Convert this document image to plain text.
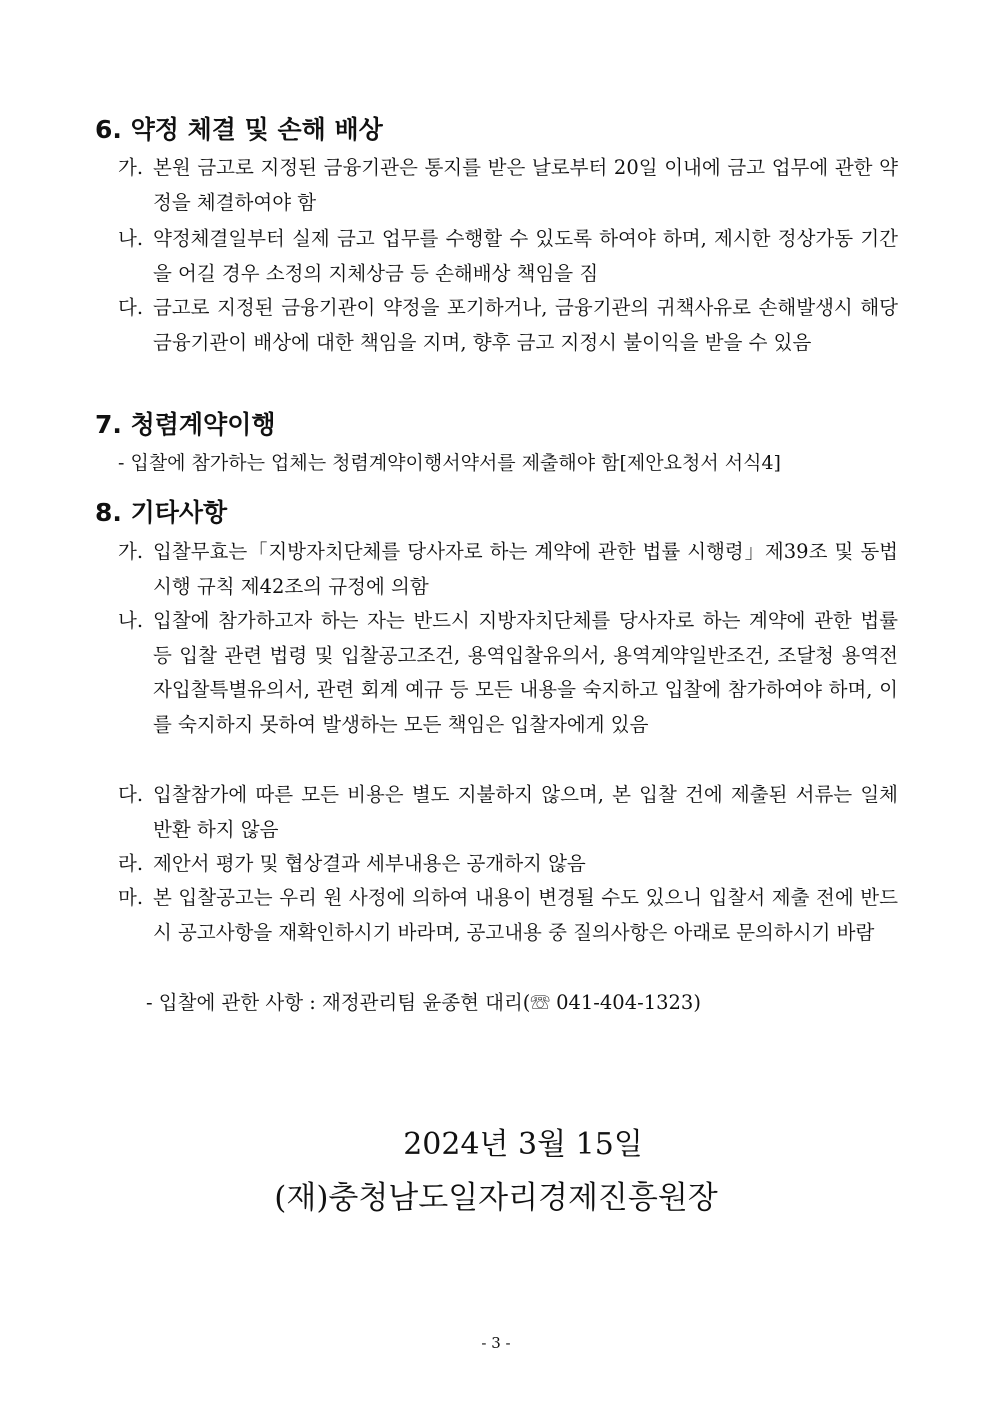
6. 약정 체결 및 손해 배상
가. 본원 금고로 지정된 금융기관은 통지를 받은 날로부터 20일 이내에 금고 업무에 관한 약정을 체결하여야 함
나. 약정체결일부터 실제 금고 업무를 수행할 수 있도록 하여야 하며, 제시한 정상가동 기간을 어길 경우 소정의 지체상금 등 손해배상 책임을 짐
다. 금고로 지정된 금융기관이 약정을 포기하거나, 금융기관의 귀책사유로 손해발생시 해당 금융기관이 배상에 대한 책임을 지며, 향후 금고 지정시 불이익을 받을 수 있음
7. 청렴계약이행
- 입찰에 참가하는 업체는 청렴계약이행서약서를 제출해야 함[제안요청서 서식4]
8. 기타사항
가. 입찰무효는「지방자치단체를 당사자로 하는 계약에 관한 법률 시행령」제39조 및 동법 시행 규칙 제42조의 규정에 의함
나. 입찰에 참가하고자 하는 자는 반드시 지방자치단체를 당사자로 하는 계약에 관한 법률 등 입찰 관련 법령 및 입찰공고조건, 용역입찰유의서, 용역계약일반조건, 조달청 용역전자입찰특별유의서, 관련 회계 예규 등 모든 내용을 숙지하고 입찰에 참가하여야 하며, 이를 숙지하지 못하여 발생하는 모든 책임은 입찰자에게 있음
다. 입찰참가에 따른 모든 비용은 별도 지불하지 않으며, 본 입찰 건에 제출된 서류는 일체 반환 하지 않음
라. 제안서 평가 및 협상결과 세부내용은 공개하지 않음
마. 본 입찰공고는 우리 원 사정에 의하여 내용이 변경될 수도 있으니 입찰서 제출 전에 반드시 공고사항을 재확인하시기 바라며, 공고내용 중 질의사항은 아래로 문의하시기 바람
- 입찰에 관한 사항 : 재정관리팀 윤종현 대리(☏ 041-404-1323)
2024년 3월 15일
(재)충청남도일자리경제진흥원장
- 3 -
